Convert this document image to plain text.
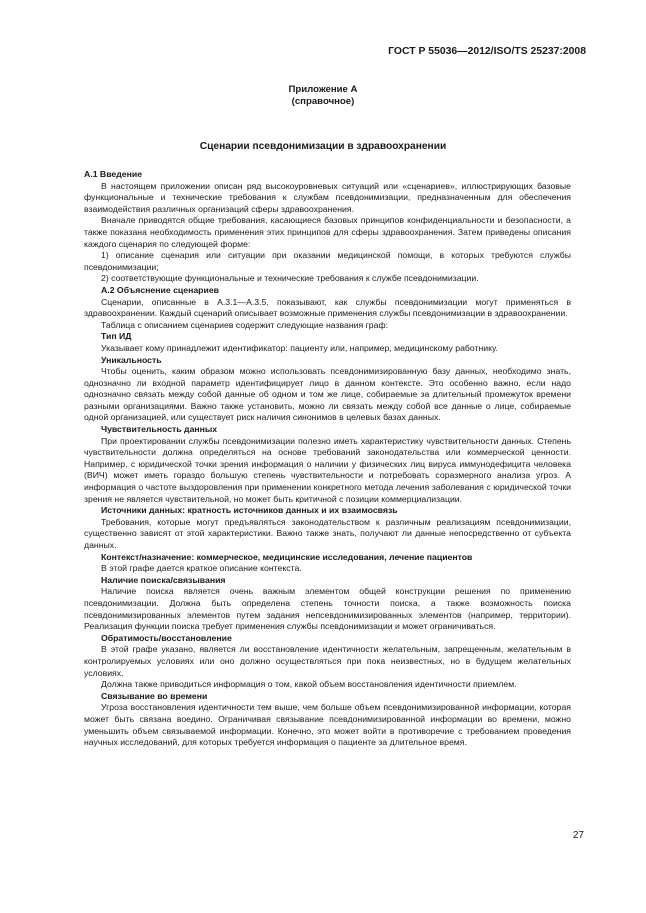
ГОСТ Р 55036—2012/ISO/TS 25237:2008
Приложение А
(справочное)
Сценарии псевдонимизации в здравоохранении

А.1 Введение

В настоящем приложении описан ряд высокоуровневых ситуаций или «сценариев», иллюстрирующих базовые функциональные и технические требования к службам псевдонимизации, предназначенным для обеспечения взаимодействия различных организаций сферы здравоохранения.

Вначале приводятся общие требования, касающиеся базовых принципов конфиденциальности и безопасности, а также показана необходимость применения этих принципов для сферы здравоохранения. Затем приведены описания каждого сценария по следующей форме:

1) описание сценария или ситуации при оказании медицинской помощи, в которых требуются службы псевдонимизации;

2) соответствующие функциональные и технические требования к службе псевдонимизации.

А.2 Объяснение сценариев

Сценарии, описанные в А.3.1—А.3.5, показывают, как службы псевдонимизации могут применяться в здравоохранении. Каждый сценарий описывает возможные применения службы псевдонимизации в здравоохранении.

Таблица с описанием сценариев содержит следующие названия граф:

Тип ИД

Указывает кому принадлежит идентификатор: пациенту или, например, медицинскому работнику.

Уникальность

Чтобы оценить, каким образом можно использовать псевдонимизированную базу данных, необходимо знать, однозначно ли входной параметр идентифицирует лицо в данном контексте. Это особенно важно, если надо однозначно связать между собой данные об одном и том же лице, собираемые за длительный промежуток времени разными организациями. Важно также установить, можно ли связать между собой все данные о лице, собираемые одной организацией, или существует риск наличия синонимов в целевых базах данных.

Чувствительность данных

При проектировании службы псевдонимизации полезно иметь характеристику чувствительности данных. Степень чувствительности должна определяться на основе требований законодательства или коммерческой ценности. Например, с юридической точки зрения информация о наличии у физических лиц вируса иммунодефицита человека (ВИЧ) может иметь гораздо большую степень чувствительности и потребовать соразмерного анализа угроз. А информация о частоте выздоровления при применении конкретного метода лечения заболевания с юридической точки зрения не является чувствительной, но может быть критичной с позиции коммерциализации.

Источники данных: кратность источников данных и их взаимосвязь

Требования, которые могут предъявляться законодательством к различным реализациям псевдонимизации, существенно зависят от этой характеристики. Важно также знать, получают ли данные непосредственно от субъекта данных.

Контекст/назначение: коммерческое, медицинские исследования, лечение пациентов

В этой графе дается краткое описание контекста.

Наличие поиска/связывания

Наличие поиска является очень важным элементом общей конструкции решения по применению псевдонимизации. Должна быть определена степень точности поиска, а также возможность поиска псевдонимизированных элементов путем задания непсевдонимизированных элементов (например, территории). Реализация функции поиска требует применения службы псевдонимизации и может ограничиваться.

Обратимость/восстановление

В этой графе указано, является ли восстановление идентичности желательным, запрещенным, желательным в контролируемых условиях или оно должно осуществляться при пока неизвестных, но в будущем желательных условиях.

Должна также приводиться информация о том, какой объем восстановления идентичности приемлем.

Связывание во времени

Угроза восстановления идентичности тем выше, чем больше объем псевдонимизированной информации, которая может быть связана воедино. Ограничивая связывание псевдонимизированной информации во времени, можно уменьшить объем связываемой информации. Конечно, это может войти в противоречие с требованием проведения научных исследований, для которых требуется информация о пациенте за длительное время.

27
